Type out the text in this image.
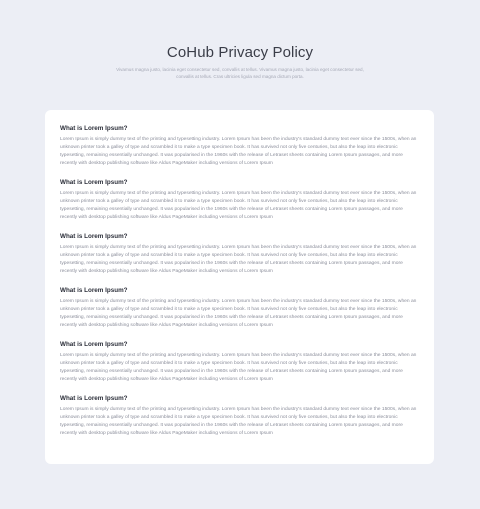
CoHub Privacy Policy

Vivamus magna justo, lacinia eget consectetur sed, convallis at tellus. Vivamus magna justo, lacinia eget consectetur sed, convallis at tellus. Cras ultricies ligula sed magna dictum porta.

What is Lorem Ipsum?

Lorem Ipsum is simply dummy text of the printing and typesetting industry. Lorem Ipsum has been the industry's standard dummy text ever since the 1500s, when an unknown printer took a galley of type and scrambled it to make a type specimen book. It has survived not only five centuries, but also the leap into electronic typesetting, remaining essentially unchanged. It was popularised in the 1960s with the release of Letraset sheets containing Lorem Ipsum passages, and more recently with desktop publishing software like Aldus PageMaker including versions of Lorem Ipsum

What is Lorem Ipsum?

Lorem Ipsum is simply dummy text of the printing and typesetting industry. Lorem Ipsum has been the industry's standard dummy text ever since the 1500s, when an unknown printer took a galley of type and scrambled it to make a type specimen book. It has survived not only five centuries, but also the leap into electronic typesetting, remaining essentially unchanged. It was popularised in the 1960s with the release of Letraset sheets containing Lorem Ipsum passages, and more recently with desktop publishing software like Aldus PageMaker including versions of Lorem Ipsum

What is Lorem Ipsum?

Lorem Ipsum is simply dummy text of the printing and typesetting industry. Lorem Ipsum has been the industry's standard dummy text ever since the 1500s, when an unknown printer took a galley of type and scrambled it to make a type specimen book. It has survived not only five centuries, but also the leap into electronic typesetting, remaining essentially unchanged. It was popularised in the 1960s with the release of Letraset sheets containing Lorem Ipsum passages, and more recently with desktop publishing software like Aldus PageMaker including versions of Lorem Ipsum

What is Lorem Ipsum?

Lorem Ipsum is simply dummy text of the printing and typesetting industry. Lorem Ipsum has been the industry's standard dummy text ever since the 1500s, when an unknown printer took a galley of type and scrambled it to make a type specimen book. It has survived not only five centuries, but also the leap into electronic typesetting, remaining essentially unchanged. It was popularised in the 1960s with the release of Letraset sheets containing Lorem Ipsum passages, and more recently with desktop publishing software like Aldus PageMaker including versions of Lorem Ipsum

What is Lorem Ipsum?

Lorem Ipsum is simply dummy text of the printing and typesetting industry. Lorem Ipsum has been the industry's standard dummy text ever since the 1500s, when an unknown printer took a galley of type and scrambled it to make a type specimen book. It has survived not only five centuries, but also the leap into electronic typesetting, remaining essentially unchanged. It was popularised in the 1960s with the release of Letraset sheets containing Lorem Ipsum passages, and more recently with desktop publishing software like Aldus PageMaker including versions of Lorem Ipsum

What is Lorem Ipsum?

Lorem Ipsum is simply dummy text of the printing and typesetting industry. Lorem Ipsum has been the industry's standard dummy text ever since the 1500s, when an unknown printer took a galley of type and scrambled it to make a type specimen book. It has survived not only five centuries, but also the leap into electronic typesetting, remaining essentially unchanged. It was popularised in the 1960s with the release of Letraset sheets containing Lorem Ipsum passages, and more recently with desktop publishing software like Aldus PageMaker including versions of Lorem Ipsum
